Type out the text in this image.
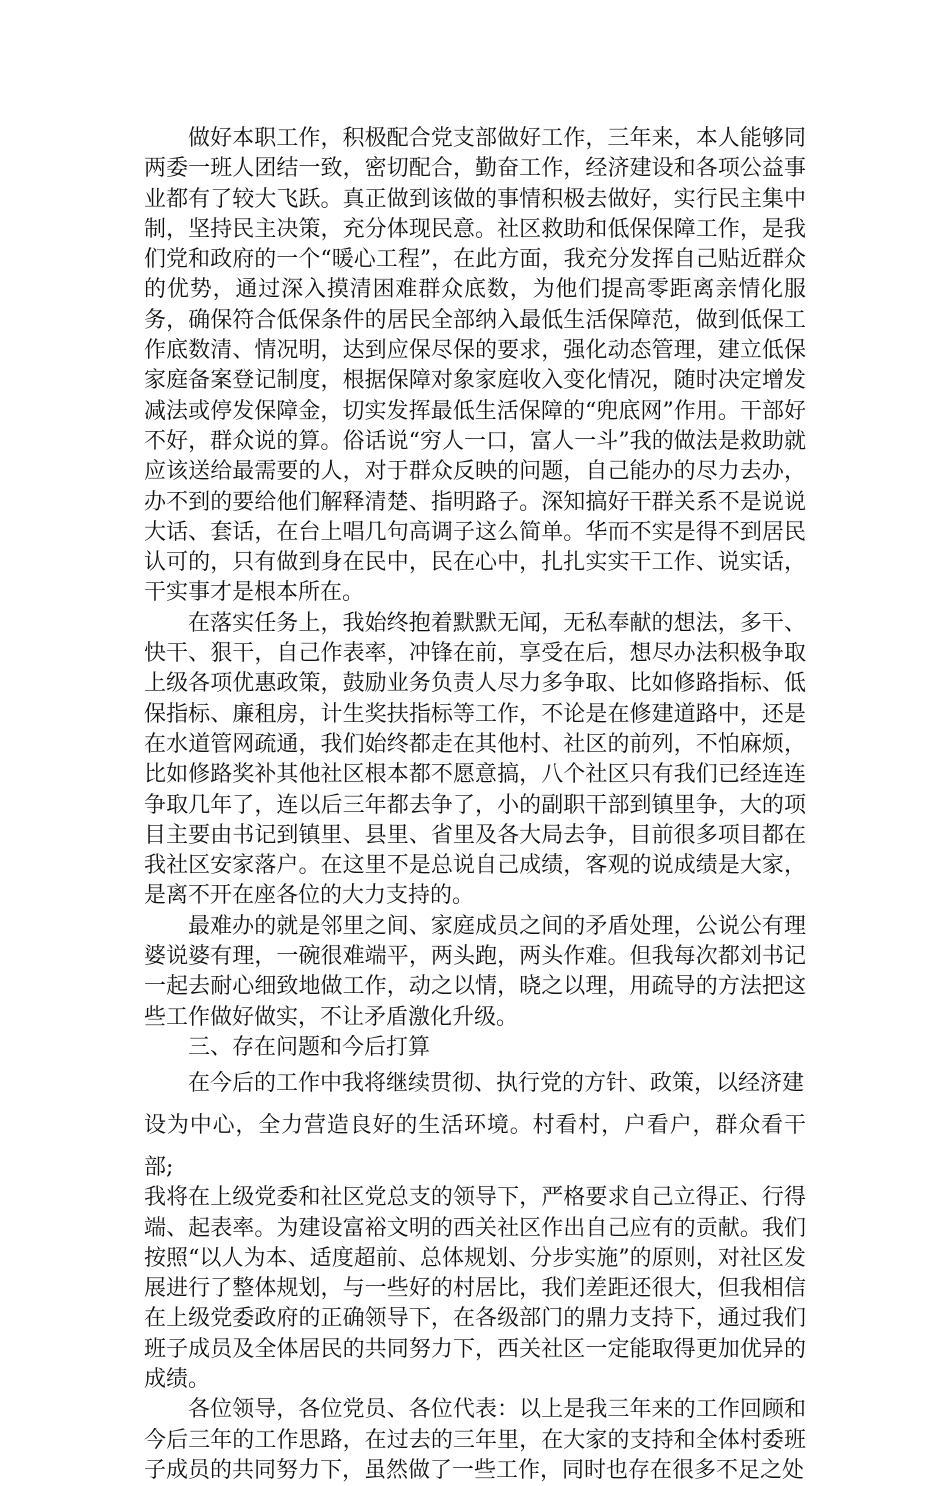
做好本职工作，积极配合党支部做好工作，三年来，本人能够同两委一班人团结一致，密切配合，勤奋工作，经济建设和各项公益事业都有了较大飞跃。真正做到该做的事情积极去做好，实行民主集中制，坚持民主决策，充分体现民意。社区救助和低保保障工作，是我们党和政府的一个“暖心工程”，在此方面，我充分发挥自己贴近群众的优势，通过深入摸清困难群众底数，为他们提高零距离亲情化服务，确保符合低保条件的居民全部纳入最低生活保障范，做到低保工作底数清、情况明，达到应保尽保的要求，强化动态管理，建立低保家庭备案登记制度，根据保障对象家庭收入变化情况，随时决定增发减法或停发保障金，切实发挥最低生活保障的“兜底网”作用。干部好不好，群众说的算。俗话说“穷人一口，富人一斗”我的做法是救助就应该送给最需要的人，对于群众反映的问题，自己能办的尽力去办，办不到的要给他们解释清楚、指明路子。深知搞好干群关系不是说说大话、套话，在台上唱几句高调子这么简单。华而不实是得不到居民认可的，只有做到身在民中，民在心中，扎扎实实干工作、说实话，干实事才是根本所在。

在落实任务上，我始终抱着默默无闻，无私奉献的想法，多干、快干、狠干，自己作表率，冲锋在前，享受在后，想尽办法积极争取上级各项优惠政策，鼓励业务负责人尽力多争取、比如修路指标、低保指标、廉租房，计生奖扶指标等工作，不论是在修建道路中，还是在水道管网疏通，我们始终都走在其他村、社区的前列，不怕麻烦，比如修路奖补其他社区根本都不愿意搞，八个社区只有我们已经连连争取几年了，连以后三年都去争了，小的副职干部到镇里争，大的项目主要由书记到镇里、县里、省里及各大局去争，目前很多项目都在我社区安家落户。在这里不是总说自己成绩，客观的说成绩是大家，是离不开在座各位的大力支持的。

最难办的就是邻里之间、家庭成员之间的矛盾处理，公说公有理婆说婆有理，一碗很难端平，两头跑，两头作难。但我每次都刘书记一起去耐心细致地做工作，动之以情，晓之以理，用疏导的方法把这些工作做好做实，不让矛盾激化升级。

三、存在问题和今后打算

在今后的工作中我将继续贯彻、执行党的方针、政策，以经济建

设为中心，全力营造良好的生活环境。村看村，户看户，群众看干部;

我将在上级党委和社区党总支的领导下，严格要求自己立得正、行得端、起表率。为建设富裕文明的西关社区作出自己应有的贡献。我们按照“以人为本、适度超前、总体规划、分步实施”的原则，对社区发展进行了整体规划，与一些好的村居比，我们差距还很大，但我相信在上级党委政府的正确领导下，在各级部门的鼎力支持下，通过我们班子成员及全体居民的共同努力下，西关社区一定能取得更加优异的成绩。

各位领导，各位党员、各位代表：以上是我三年来的工作回顾和今后三年的工作思路，在过去的三年里，在大家的支持和全体村委班子成员的共同努力下，虽然做了一些工作，同时也存在很多不足之处
